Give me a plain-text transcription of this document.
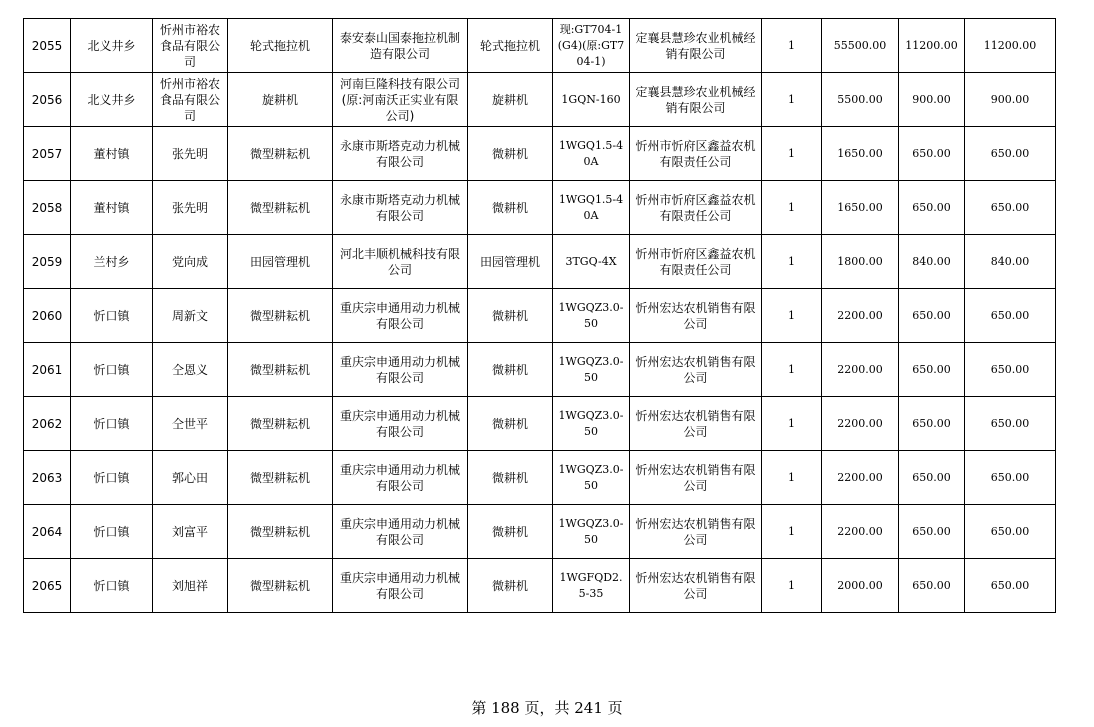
2055	北义井乡	忻州市裕农食品有限公司	轮式拖拉机	泰安泰山国泰拖拉机制造有限公司	轮式拖拉机	现:GT704-1(G4)(原:GT704-1)	定襄县慧珍农业机械经销有限公司	1	55500.00	11200.00	11200.00
2056	北义井乡	忻州市裕农食品有限公司	旋耕机	河南巨隆科技有限公司(原:河南沃正实业有限公司)	旋耕机	1GQN-160	定襄县慧珍农业机械经销有限公司	1	5500.00	900.00	900.00
2057	董村镇	张先明	微型耕耘机	永康市斯塔克动力机械有限公司	微耕机	1WGQ1.5-40A	忻州市忻府区鑫益农机有限责任公司	1	1650.00	650.00	650.00
2058	董村镇	张先明	微型耕耘机	永康市斯塔克动力机械有限公司	微耕机	1WGQ1.5-40A	忻州市忻府区鑫益农机有限责任公司	1	1650.00	650.00	650.00
2059	兰村乡	党向成	田园管理机	河北丰顺机械科技有限公司	田园管理机	3TGQ-4X	忻州市忻府区鑫益农机有限责任公司	1	1800.00	840.00	840.00
2060	忻口镇	周新文	微型耕耘机	重庆宗申通用动力机械有限公司	微耕机	1WGQZ3.0-50	忻州宏达农机销售有限公司	1	2200.00	650.00	650.00
2061	忻口镇	仝恩义	微型耕耘机	重庆宗申通用动力机械有限公司	微耕机	1WGQZ3.0-50	忻州宏达农机销售有限公司	1	2200.00	650.00	650.00
2062	忻口镇	仝世平	微型耕耘机	重庆宗申通用动力机械有限公司	微耕机	1WGQZ3.0-50	忻州宏达农机销售有限公司	1	2200.00	650.00	650.00
2063	忻口镇	郭心田	微型耕耘机	重庆宗申通用动力机械有限公司	微耕机	1WGQZ3.0-50	忻州宏达农机销售有限公司	1	2200.00	650.00	650.00
2064	忻口镇	刘富平	微型耕耘机	重庆宗申通用动力机械有限公司	微耕机	1WGQZ3.0-50	忻州宏达农机销售有限公司	1	2200.00	650.00	650.00
2065	忻口镇	刘旭祥	微型耕耘机	重庆宗申通用动力机械有限公司	微耕机	1WGFQD2.5-35	忻州宏达农机销售有限公司	1	2000.00	650.00	650.00
第 188 页，共 241 页
